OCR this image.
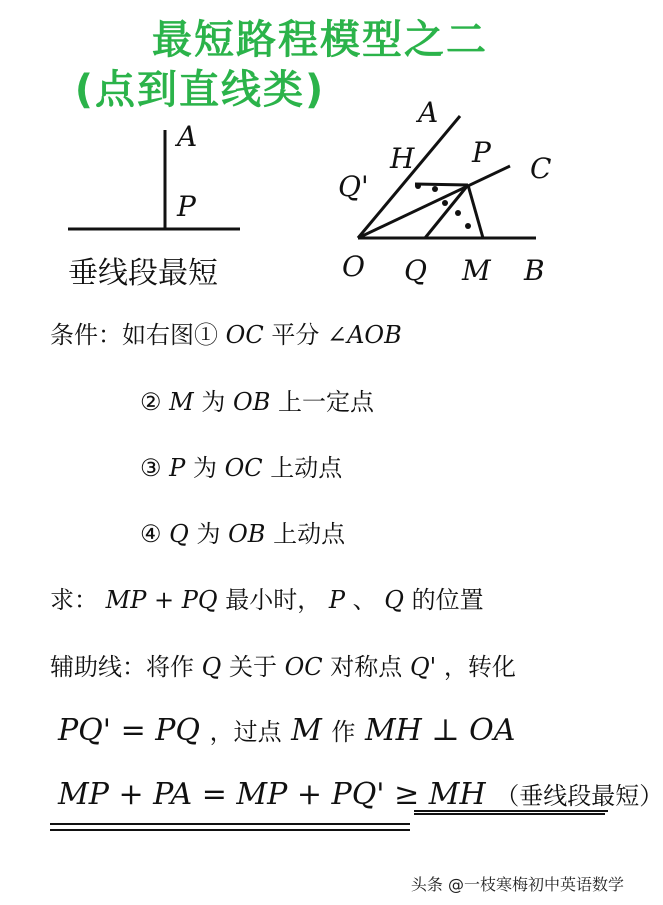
最短路程模型之二
(点到直线类)
A
P
垂线段最短
A
H P C
Q'
O Q M B
条件：如右图① OC 平分 ∠AOB
② M 为 OB 上一定点
③ P 为 OC 上动点
④ Q 为 OB 上动点
求： MP + PQ 最小时， P 、 Q 的位置
辅助线：将作 Q 关于 OC 对称点 Q' ，转化
PQ' = PQ ，过点 M 作 MH ⊥ OA
MP + PA = MP + PQ' ≥ MH （垂线段最短）
头条 @一枝寒梅初中英语数学
